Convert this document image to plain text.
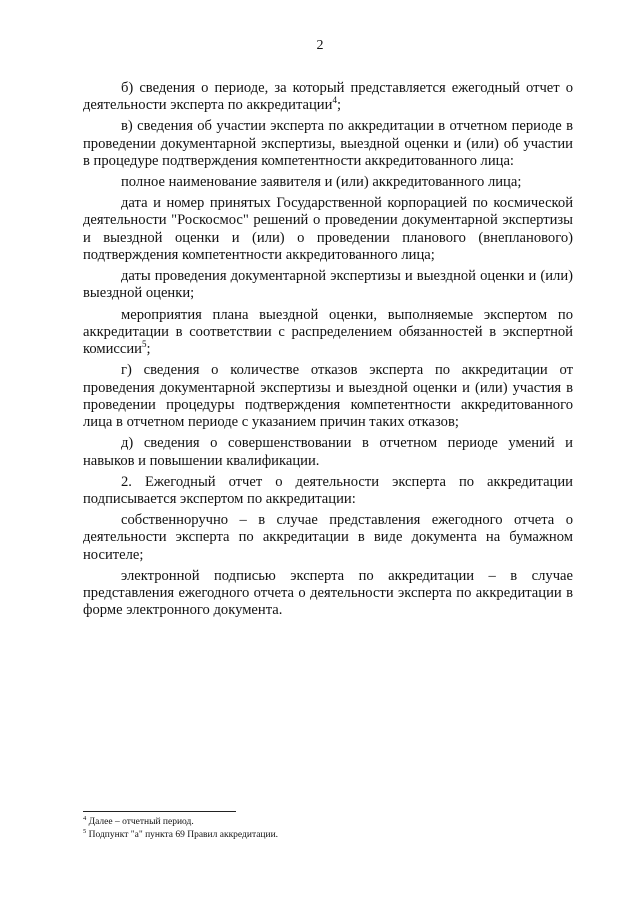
2

б) сведения о периоде, за который представляется ежегодный отчет о деятельности эксперта по аккредитации$^4$;

в) сведения об участии эксперта по аккредитации в отчетном периоде в проведении документарной экспертизы, выездной оценки и (или) об участии в процедуре подтверждения компетентности аккредитованного лица:

полное наименование заявителя и (или) аккредитованного лица;

дата и номер принятых Государственной корпорацией по космической деятельности "Роскосмос" решений о проведении документарной экспертизы и выездной оценки и (или) о проведении планового (внепланового) подтверждения компетентности аккредитованного лица;

даты проведения документарной экспертизы и выездной оценки и (или) выездной оценки;

мероприятия плана выездной оценки, выполняемые экспертом по аккредитации в соответствии с распределением обязанностей в экспертной комиссии$^5$;

г) сведения о количестве отказов эксперта по аккредитации от проведения документарной экспертизы и выездной оценки и (или) участия в проведении процедуры подтверждения компетентности аккредитованного лица в отчетном периоде с указанием причин таких отказов;

д) сведения о совершенствовании в отчетном периоде умений и навыков и повышении квалификации.

2. Ежегодный отчет о деятельности эксперта по аккредитации подписывается экспертом по аккредитации:

собственноручно – в случае представления ежегодного отчета о деятельности эксперта по аккредитации в виде документа на бумажном носителе;

электронной подписью эксперта по аккредитации – в случае представления ежегодного отчета о деятельности эксперта по аккредитации в форме электронного документа.

$^4$ Далее – отчетный период.
$^5$ Подпункт "а" пункта 69 Правил аккредитации.
